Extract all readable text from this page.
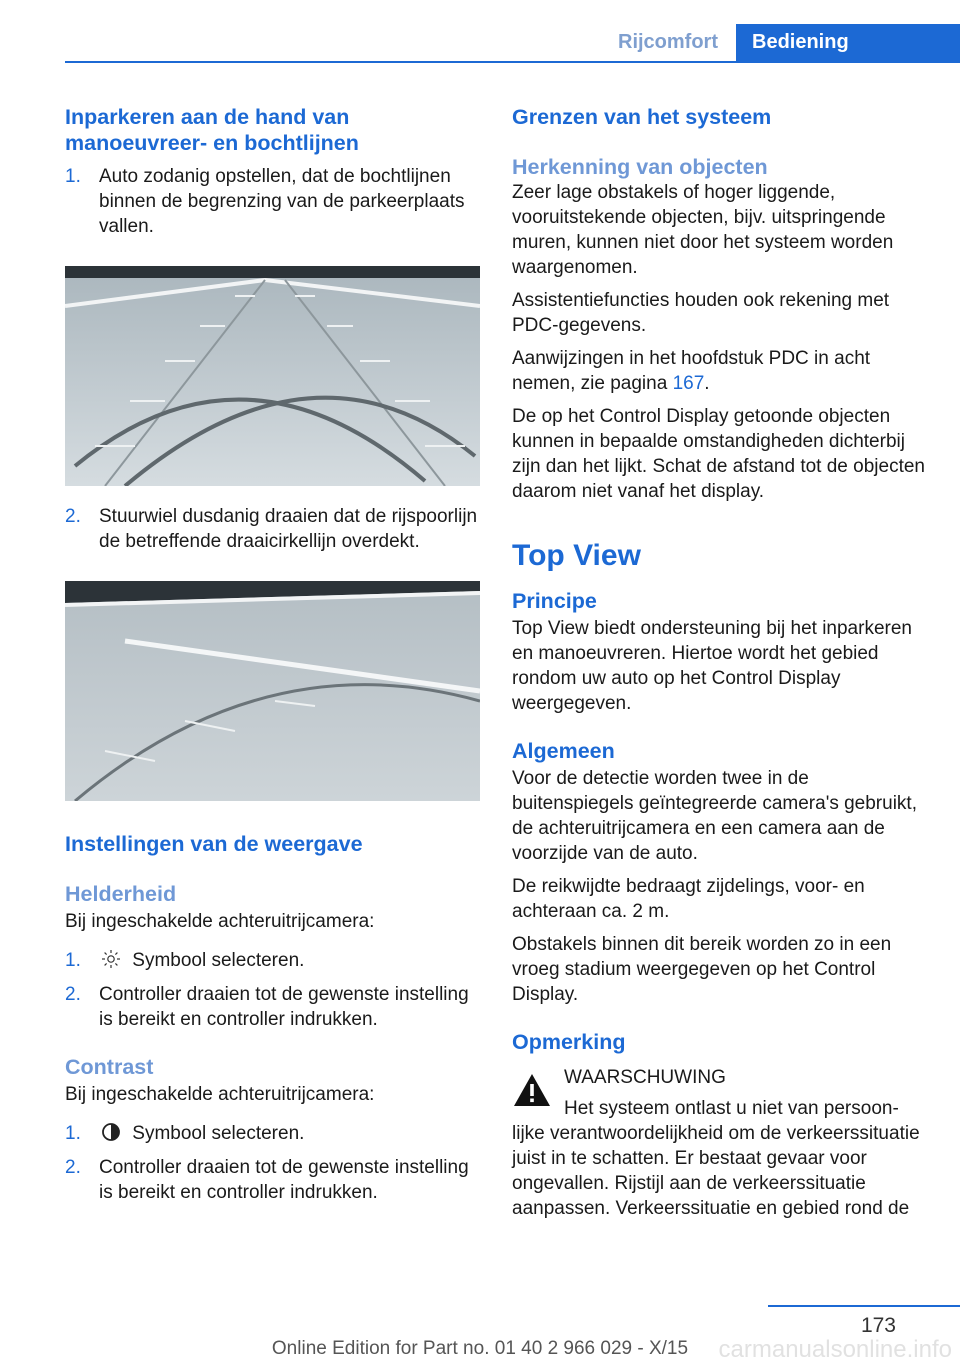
Rijcomfort	Bediening
Inparkeren aan de hand van manoeuvreer- en bochtlijnen
1. Auto zodanig opstellen, dat de bochtlijnen binnen de begrenzing van de parkeerplaats vallen.
2. Stuurwiel dusdanig draaien dat de rijspoorlijn de betreffende draaicirkellijn overdekt.
Instellingen van de weergave
Helderheid
Bij ingeschakelde achteruitrijcamera:
1.	Symbool selecteren.
2. Controller draaien tot de gewenste instelling is bereikt en controller indrukken.
Contrast
Bij ingeschakelde achteruitrijcamera:
1.	Symbool selecteren.
2. Controller draaien tot de gewenste instelling is bereikt en controller indrukken.
Grenzen van het systeem
Herkenning van objecten
Zeer lage obstakels of hoger liggende, vooruitstekende objecten, bijv. uitspringende muren, kunnen niet door het systeem worden waargenomen.
Assistentiefuncties houden ook rekening met PDC-gegevens.
Aanwijzingen in het hoofdstuk PDC in acht nemen, zie pagina 167.
De op het Control Display getoonde objecten kunnen in bepaalde omstandigheden dichterbij zijn dan het lijkt. Schat de afstand tot de objecten daarom niet vanaf het display.
Top View
Principe
Top View biedt ondersteuning bij het inparkeren en manoeuvreren. Hiertoe wordt het gebied rondom uw auto op het Control Display weergegeven.
Algemeen
Voor de detectie worden twee in de buitenspiegels geïntegreerde camera's gebruikt, de achteruitrijcamera en een camera aan de voorzijde van de auto.
De reikwijdte bedraagt zijdelings, voor- en achteraan ca. 2 m.
Obstakels binnen dit bereik worden zo in een vroeg stadium weergegeven op het Control Display.
Opmerking
WAARSCHUWING
Het systeem ontlast u niet van persoon-
lijke verantwoordelijkheid om de verkeerssituatie juist in te schatten. Er bestaat gevaar voor ongevallen. Rijstijl aan de verkeerssituatie aanpassen. Verkeerssituatie en gebied rond de
173
Online Edition for Part no. 01 40 2 966 029 - X/15	carmanualsonline.info
